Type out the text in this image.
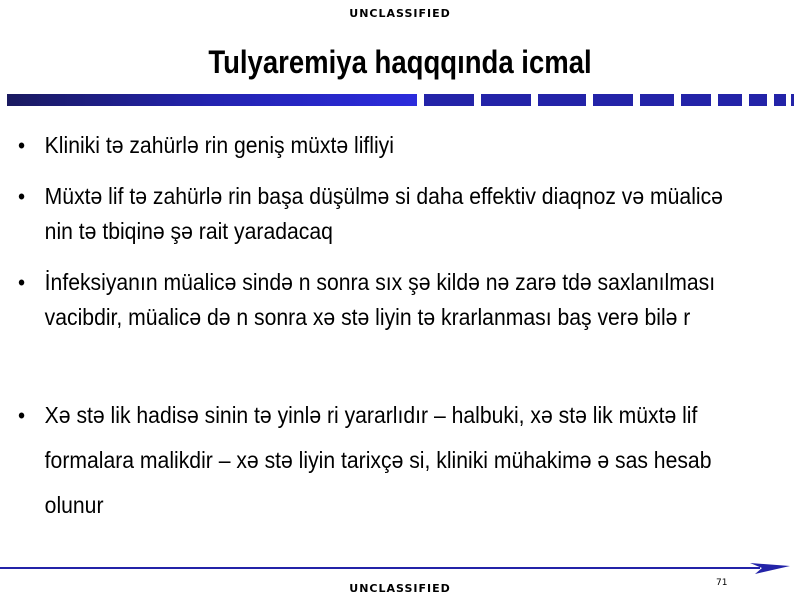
UNCLASSIFIED
Tulyaremiya haqqqında icmal
• Kliniki tə zahürlə rin geniş müxtə lifliyi
• Müxtə lif tə zahürlə rin başa düşülmə si daha effektiv diaqnoz və müalicə nin tə tbiqinə şə rait yaradacaq
• İnfeksiyanın müalicə sində n sonra sıx şə kildə nə zarə tdə saxlanılması vacibdir, müalicə də n sonra xə stə liyin tə krarlanması baş verə bilə r
• Xə stə lik hadisə sinin tə yinlə ri yararlıdır – halbuki, xə stə lik müxtə lif formalara malikdir – xə stə liyin tarixçə si, kliniki mühakimə ə sas hesab olunur
71
UNCLASSIFIED
